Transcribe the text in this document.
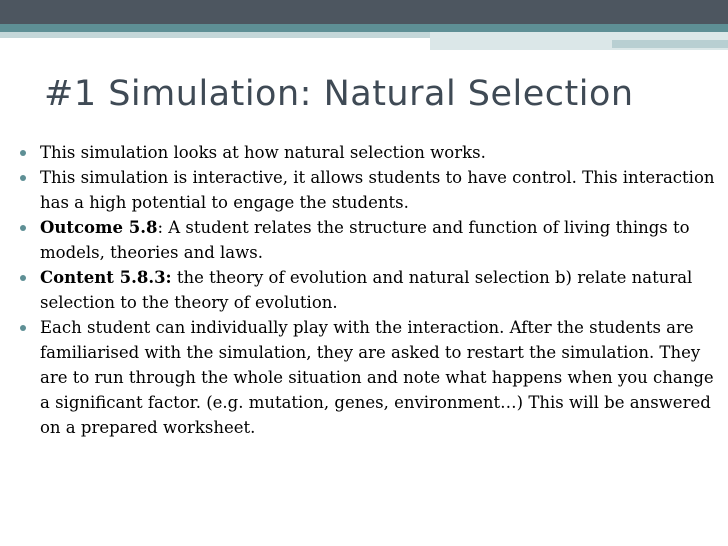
#1 Simulation: Natural Selection
This simulation looks at how natural selection works.
This simulation is interactive, it allows students to have control. This interaction has a high potential to engage the students.
Outcome 5.8: A student relates the structure and function of living things to models, theories and laws.
Content 5.8.3: the theory of evolution and natural selection b) relate natural selection to the theory of evolution.
Each student can individually play with the interaction. After the students are familiarised with the simulation, they are asked to restart the simulation. They are to run through the whole situation and note what happens when you change a significant factor. (e.g. mutation, genes, environment…) This will be answered on a prepared worksheet.
